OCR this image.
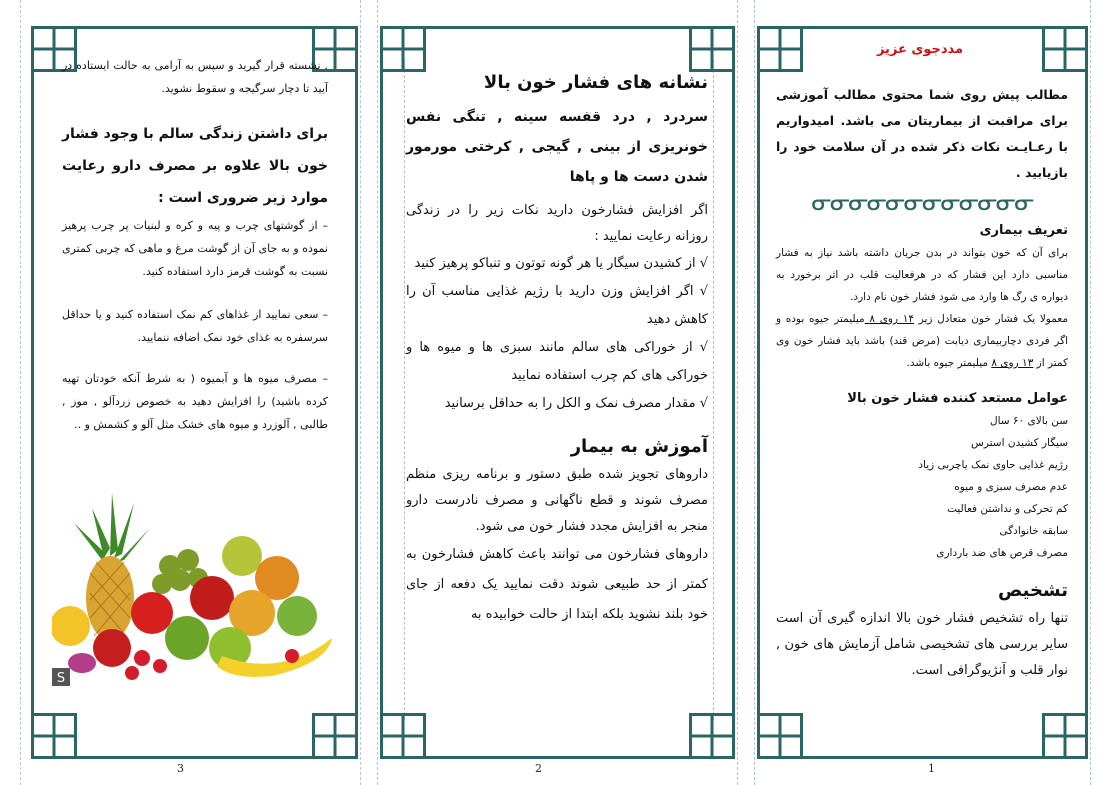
. نشسته قرار گیرید و سپس به آرامی به حالت ایستاده در آیید تا دچار سرگیجه و سقوط نشوید.

برای داشتن زندگی سالم با وجود فشار خون بالا علاوه بر مصرف دارو رعایت موارد زیر ضروری است :

– از گوشتهای چرب و پیه و کره و لبنیات پر چرب پرهیز نموده و به جای آن از گوشت مرغ و ماهی که چربی کمتری نسبت به گوشت قرمز دارد استفاده کنید.

– سعی نمایید از غذاهای کم نمک استفاده کنید و یا حداقل سرسفره به غذای خود نمک اضافه ننمایید.

– مصرف میوه ها و آبمیوه ( به شرط آنکه خودتان تهیه کرده باشید) را افزایش دهید به خصوص زردآلو , موز , طالبی , آلوزرد و میوه های خشک مثل آلو و کشمش و ..

S
3
نشانه های فشار خون بالا

سردرد , درد قفسه سینه , تنگی نفس خونریزی از بینی , گیجی , کرختی مورمور شدن دست ها و پاها

اگر افزایش فشارخون دارید نکات زیر را در زندگی روزانه رعایت نمایید :

√ از کشیدن سیگار یا هر گونه توتون و تنباکو پرهیز کنید

√ اگر افزایش وزن دارید با رژیم غذایی مناسب آن را کاهش دهید

√ از خوراکی های سالم مانند سبزی ها و میوه ها و خوراکی های کم چرب استفاده نمایید

√ مقدار مصرف نمک و الکل را به حداقل برسانید

آموزش به بیمار

داروهای تجویز شده طبق دستور و برنامه ریزی منظم مصرف شوند و قطع ناگهانی و مصرف نادرست دارو منجر به افزایش مجدد فشار خون می شود.

داروهای فشارخون می توانند باعث کاهش فشارخون به کمتر از حد طبیعی شوند دقت نمایید یک دفعه از جای خود بلند نشوید بلکه ابتدا از حالت خوابیده به

2
مددجوی عزیز

مطالب پیش روی شما محتوی مطالب آموزشی برای مراقبت از بیماریتان می باشد. امیدواریم با رعـایـت نکات ذکر شده در آن سلامت خود را بازیابید .

ᓂᓂᓂᓂᓂᓂᓂᓂᓂᓂᓂᓂ
تعریف بیماری

برای آن که خون بتواند در بدن جریان داشته باشد نیاز به فشار مناسبی دارد این فشار که در هرفعالیت قلب در اثر برخورد به دیواره ی رگ ها وارد می شود فشار خون نام دارد.

معمولا یک فشار خون متعادل زیر ۱۴ روی ۸ میلیمتر جیوه بوده و اگر فردی دچاربیماری دیابت (مرض قند) باشد باید فشار خون وی کمتر از ۱۳ روی ۸ میلیمتر جیوه باشد.

عوامل مستعد کننده فشار خون بالا

سن بالای ۶۰ سال

سیگار کشیدن استرس

رژیم غذایی حاوی نمک یاچربی زیاد

عدم مصرف سبزی و میوه

کم تحرکی و نداشتن فعالیت

سابقه خانوادگی

مصرف قرص های ضد بارداری

تشخیص

تنها راه تشخیص فشار خون بالا اندازه گیری آن است سایر بررسی های تشخیصی شامل آزمایش های خون , نوار قلب و آنژیوگرافی است.

1
